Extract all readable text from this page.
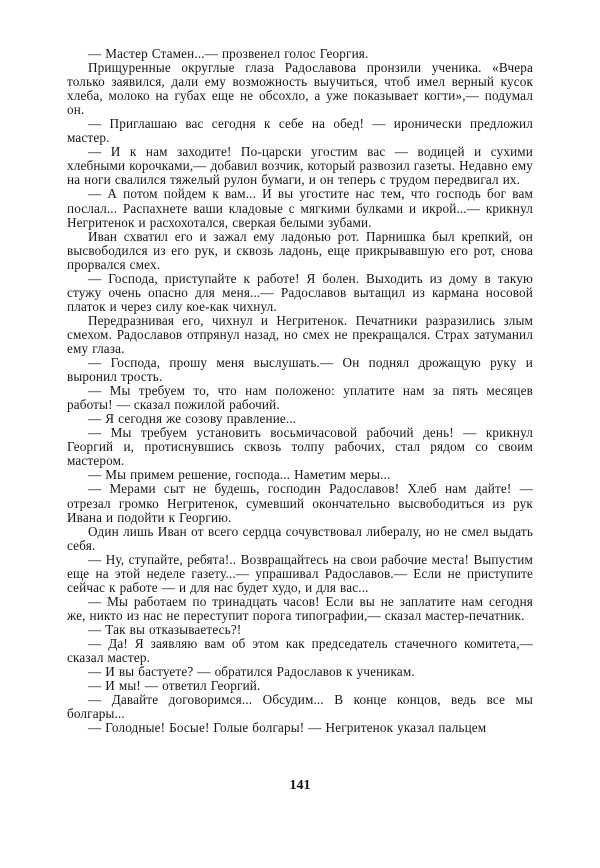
— Мастер Стамен...— прозвенел голос Георгия.

Прищуренные округлые глаза Радославова пронзили ученика. «Вчера только заявился, дали ему возможность выучиться, чтоб имел верный кусок хлеба, молоко на губах еще не обсохло, а уже показывает когти»,— подумал он.

— Приглашаю вас сегодня к себе на обед! — иронически предложил мастер.

— И к нам заходите! По-царски угостим вас — водицей и сухими хлебными корочками,— добавил возчик, который развозил газеты. Недавно ему на ноги свалился тяжелый рулон бумаги, и он теперь с трудом передвигал их.

— А потом пойдем к вам... И вы угостите нас тем, что господь бог вам послал... Распахнете ваши кладовые с мягкими булками и икрой...— крикнул Негритенок и расхохотался, сверкая белыми зубами.

Иван схватил его и зажал ему ладонью рот. Парнишка был крепкий, он высвободился из его рук, и сквозь ладонь, еще прикрывавшую его рот, снова прорвался смех.

— Господа, приступайте к работе! Я болен. Выходить из дому в такую стужу очень опасно для меня...— Радославов вытащил из кармана носовой платок и через силу кое-как чихнул.

Передразнивая его, чихнул и Негритенок. Печатники разразились злым смехом. Радославов отпрянул назад, но смех не прекращался. Страх затуманил ему глаза.

— Господа, прошу меня выслушать.— Он поднял дрожащую руку и выронил трость.

— Мы требуем то, что нам положено: уплатите нам за пять месяцев работы! — сказал пожилой рабочий.

— Я сегодня же созову правление...

— Мы требуем установить восьмичасовой рабочий день! — крикнул Георгий и, протиснувшись сквозь толпу рабочих, стал рядом со своим мастером.

— Мы примем решение, господа... Наметим меры...

— Мерами сыт не будешь, господин Радославов! Хлеб нам дайте! — отрезал громко Негритенок, сумевший окончательно высвободиться из рук Ивана и подойти к Георгию.

Один лишь Иван от всего сердца сочувствовал либералу, но не смел выдать себя.

— Ну, ступайте, ребята!.. Возвращайтесь на свои рабочие места! Выпустим еще на этой неделе газету...— упрашивал Радославов.— Если не приступите сейчас к работе — и для нас будет худо, и для вас...

— Мы работаем по тринадцать часов! Если вы не заплатите нам сегодня же, никто из нас не переступит порога типографии,— сказал мастер-печатник.

— Так вы отказываетесь?!

— Да! Я заявляю вам об этом как председатель стачечного комитета,— сказал мастер.

— И вы бастуете? — обратился Радославов к ученикам.

— И мы! — ответил Георгий.

— Давайте договоримся... Обсудим... В конце концов, ведь все мы болгары...

— Голодные! Босые! Голые болгары! — Негритенок указал пальцем

141
